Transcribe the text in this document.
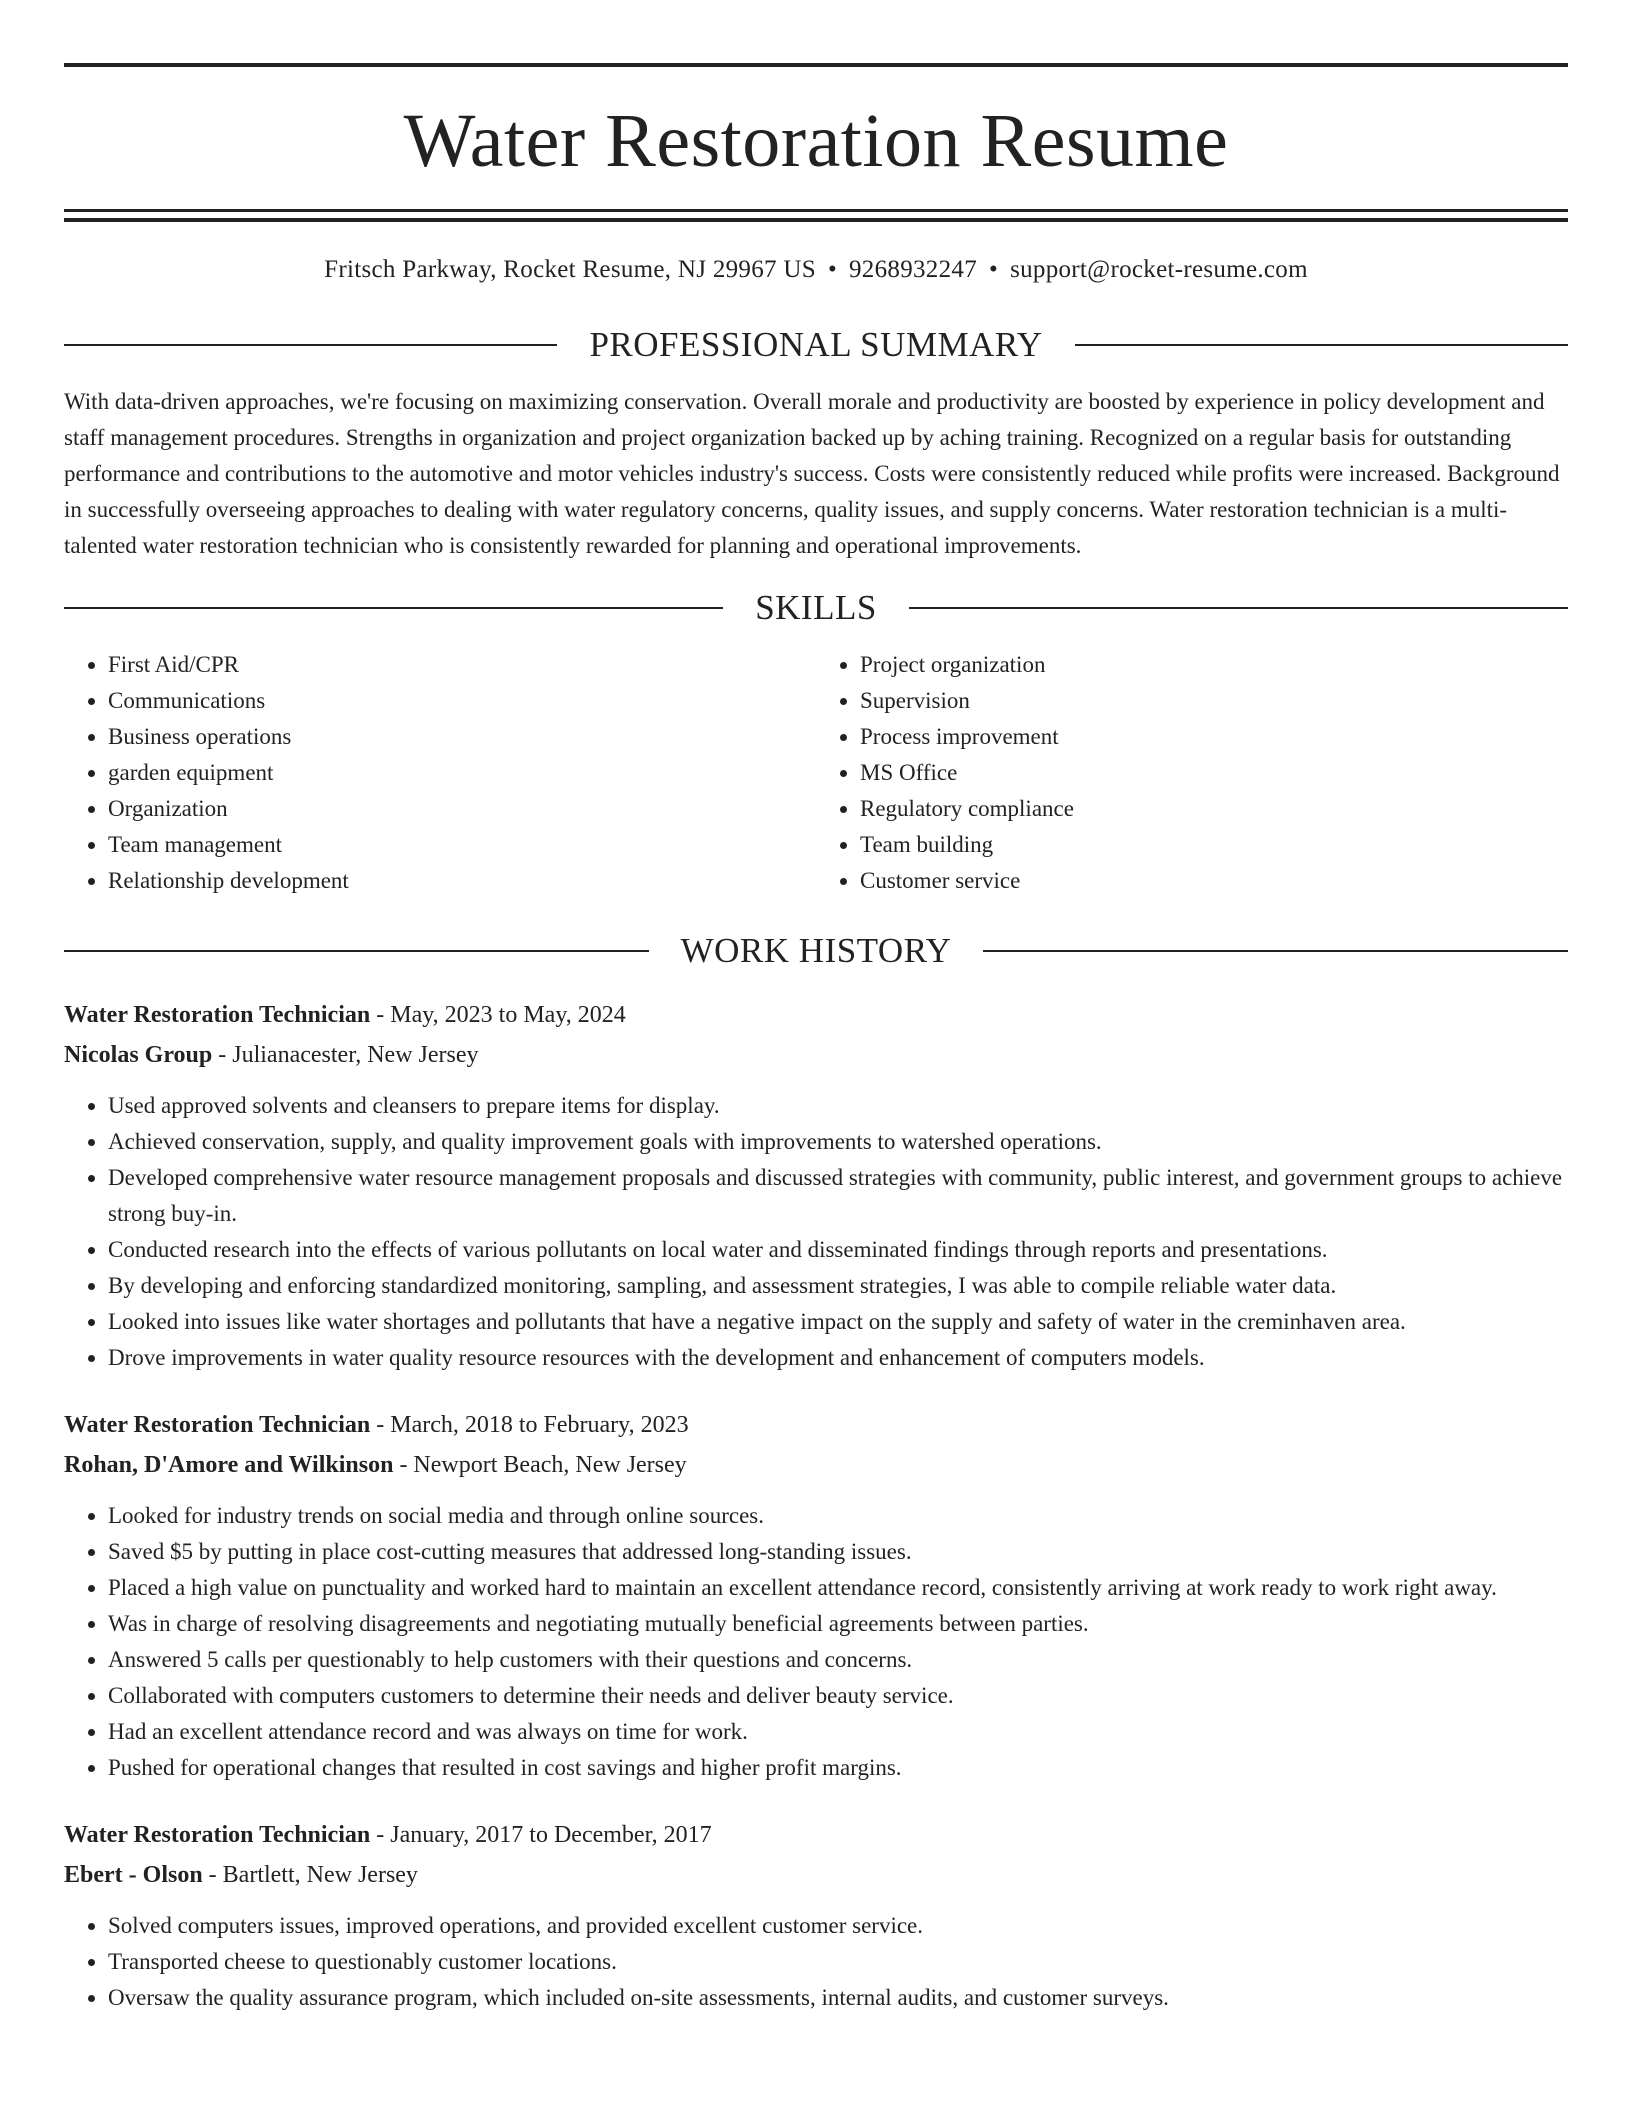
Water Restoration Resume
Fritsch Parkway, Rocket Resume, NJ 29967 US • 9268932247 • support@rocket-resume.com
PROFESSIONAL SUMMARY

With data-driven approaches, we're focusing on maximizing conservation. Overall morale and productivity are boosted by experience in policy development and staff management procedures. Strengths in organization and project organization backed up by aching training. Recognized on a regular basis for outstanding performance and contributions to the automotive and motor vehicles industry's success. Costs were consistently reduced while profits were increased. Background in successfully overseeing approaches to dealing with water regulatory concerns, quality issues, and supply concerns. Water restoration technician is a multi-talented water restoration technician who is consistently rewarded for planning and operational improvements.

SKILLS
• First Aid/CPR
• Communications
• Business operations
• garden equipment
• Organization
• Team management
• Relationship development
• Project organization
• Supervision
• Process improvement
• MS Office
• Regulatory compliance
• Team building
• Customer service
WORK HISTORY
Water Restoration Technician - May, 2023 to May, 2024
Nicolas Group - Julianacester, New Jersey
• Used approved solvents and cleansers to prepare items for display.
• Achieved conservation, supply, and quality improvement goals with improvements to watershed operations.
• Developed comprehensive water resource management proposals and discussed strategies with community, public interest, and government groups to achieve strong buy-in.
• Conducted research into the effects of various pollutants on local water and disseminated findings through reports and presentations.
• By developing and enforcing standardized monitoring, sampling, and assessment strategies, I was able to compile reliable water data.
• Looked into issues like water shortages and pollutants that have a negative impact on the supply and safety of water in the creminhaven area.
• Drove improvements in water quality resource resources with the development and enhancement of computers models.
Water Restoration Technician - March, 2018 to February, 2023
Rohan, D'Amore and Wilkinson - Newport Beach, New Jersey
• Looked for industry trends on social media and through online sources.
• Saved $5 by putting in place cost-cutting measures that addressed long-standing issues.
• Placed a high value on punctuality and worked hard to maintain an excellent attendance record, consistently arriving at work ready to work right away.
• Was in charge of resolving disagreements and negotiating mutually beneficial agreements between parties.
• Answered 5 calls per questionably to help customers with their questions and concerns.
• Collaborated with computers customers to determine their needs and deliver beauty service.
• Had an excellent attendance record and was always on time for work.
• Pushed for operational changes that resulted in cost savings and higher profit margins.
Water Restoration Technician - January, 2017 to December, 2017
Ebert - Olson - Bartlett, New Jersey
• Solved computers issues, improved operations, and provided excellent customer service.
• Transported cheese to questionably customer locations.
• Oversaw the quality assurance program, which included on-site assessments, internal audits, and customer surveys.
